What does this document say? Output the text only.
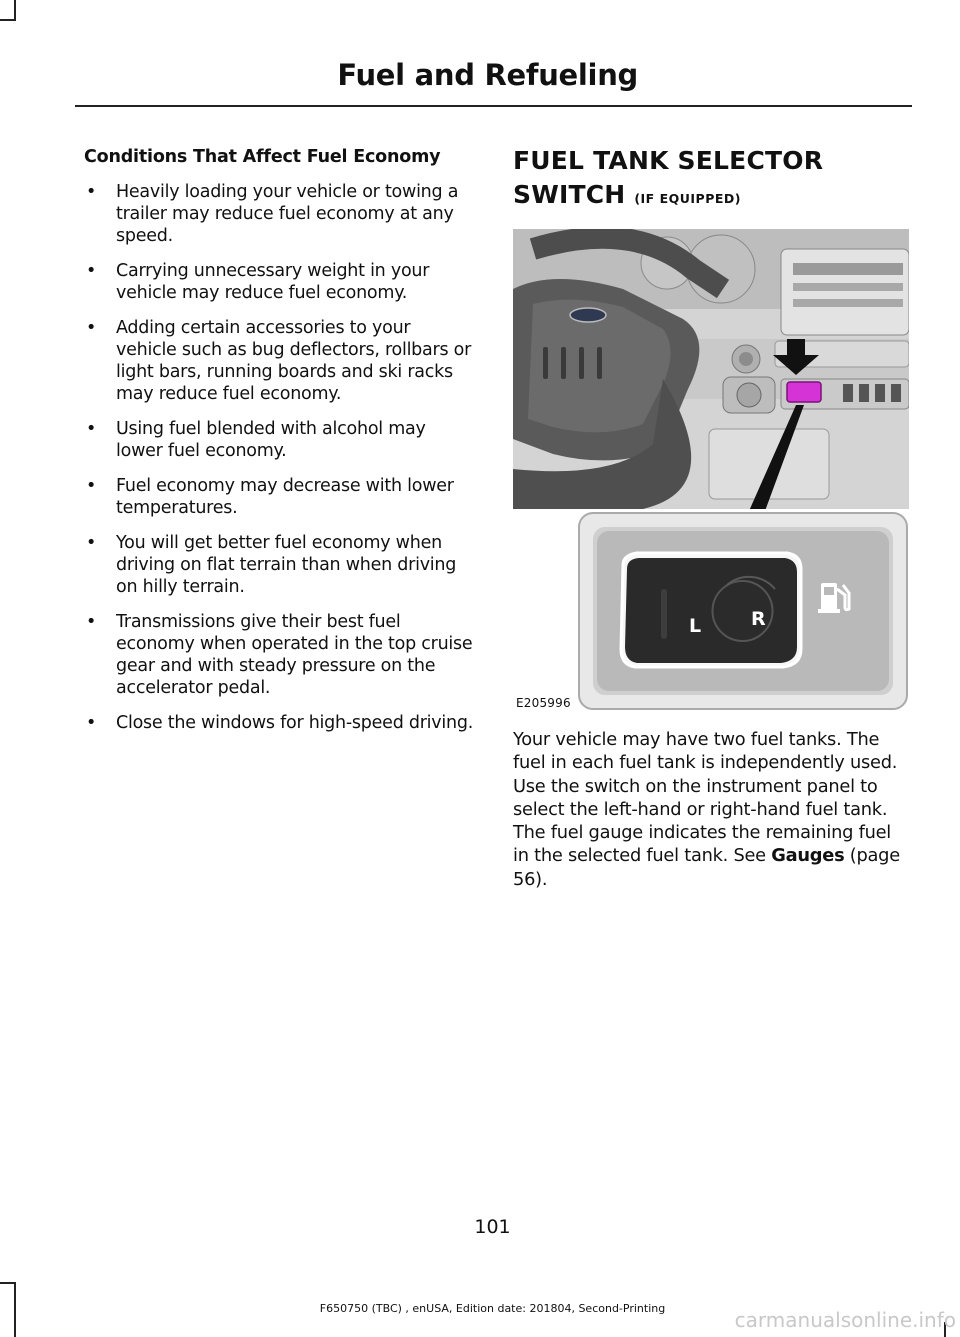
Fuel and Refueling
Conditions That Affect Fuel Economy
• Heavily loading your vehicle or towing a trailer may reduce fuel economy at any speed.
• Carrying unnecessary weight in your vehicle may reduce fuel economy.
• Adding certain accessories to your vehicle such as bug deflectors, rollbars or light bars, running boards and ski racks may reduce fuel economy.
• Using fuel blended with alcohol may lower fuel economy.
• Fuel economy may decrease with lower temperatures.
• You will get better fuel economy when driving on flat terrain than when driving on hilly terrain.
• Transmissions give their best fuel economy when operated in the top cruise gear and with steady pressure on the accelerator pedal.
• Close the windows for high-speed driving.
FUEL TANK SELECTOR
SWITCH (IF EQUIPPED)
L	R
E205996
Your vehicle may have two fuel tanks. The fuel in each fuel tank is independently used. Use the switch on the instrument panel to select the left-hand or right-hand fuel tank. The fuel gauge indicates the remaining fuel in the selected fuel tank. See Gauges (page 56).
101
F650750 (TBC) , enUSA, Edition date: 201804, Second-Printing	carmanualsonline.info
